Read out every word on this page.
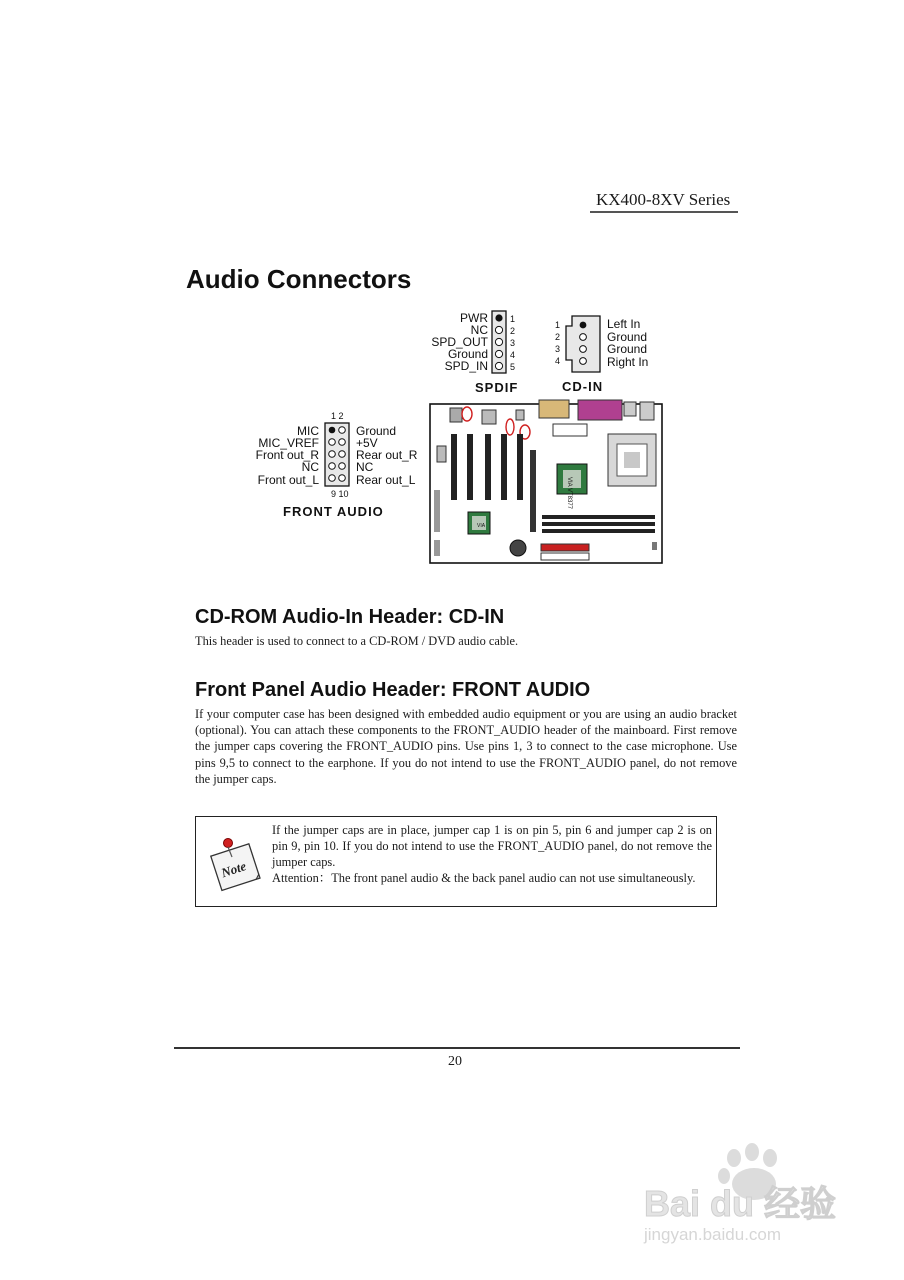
KX400-8XV Series
Audio Connectors
PWR
NC
SPD_OUT
Ground
SPD_IN
1
2
3
4
5
SPDIF
1
2
3
4
Left In
Ground
Ground
Right In
CD-IN
1 2
9 10
MIC
MIC_VREF
Front out_R
NC
Front out_L
Ground
+5V
Rear out_R
NC
Rear out_L
FRONT AUDIO
VIA VT8377
VIA
CD-ROM Audio-In Header: CD-IN
This header is used to connect to a CD-ROM / DVD audio cable.
Front Panel Audio Header: FRONT AUDIO
If your computer case has been designed with embedded audio equipment or you are using an audio bracket (optional). You can attach these components to the FRONT_AUDIO header of the mainboard. First remove the jumper caps covering the FRONT_AUDIO pins. Use pins 1, 3 to connect to the case microphone. Use pins 9,5 to connect to the earphone. If you do not intend to use the FRONT_AUDIO panel, do not remove the jumper caps.
Note
If the jumper caps are in place, jumper cap 1 is on pin 5, pin 6 and jumper cap 2 is on pin 9, pin 10. If you do not intend to use the FRONT_AUDIO panel, do not remove the jumper caps.
Attention：The front panel audio & the back panel audio can not use simultaneously.
20
Bai du 经验
jingyan.baidu.com
